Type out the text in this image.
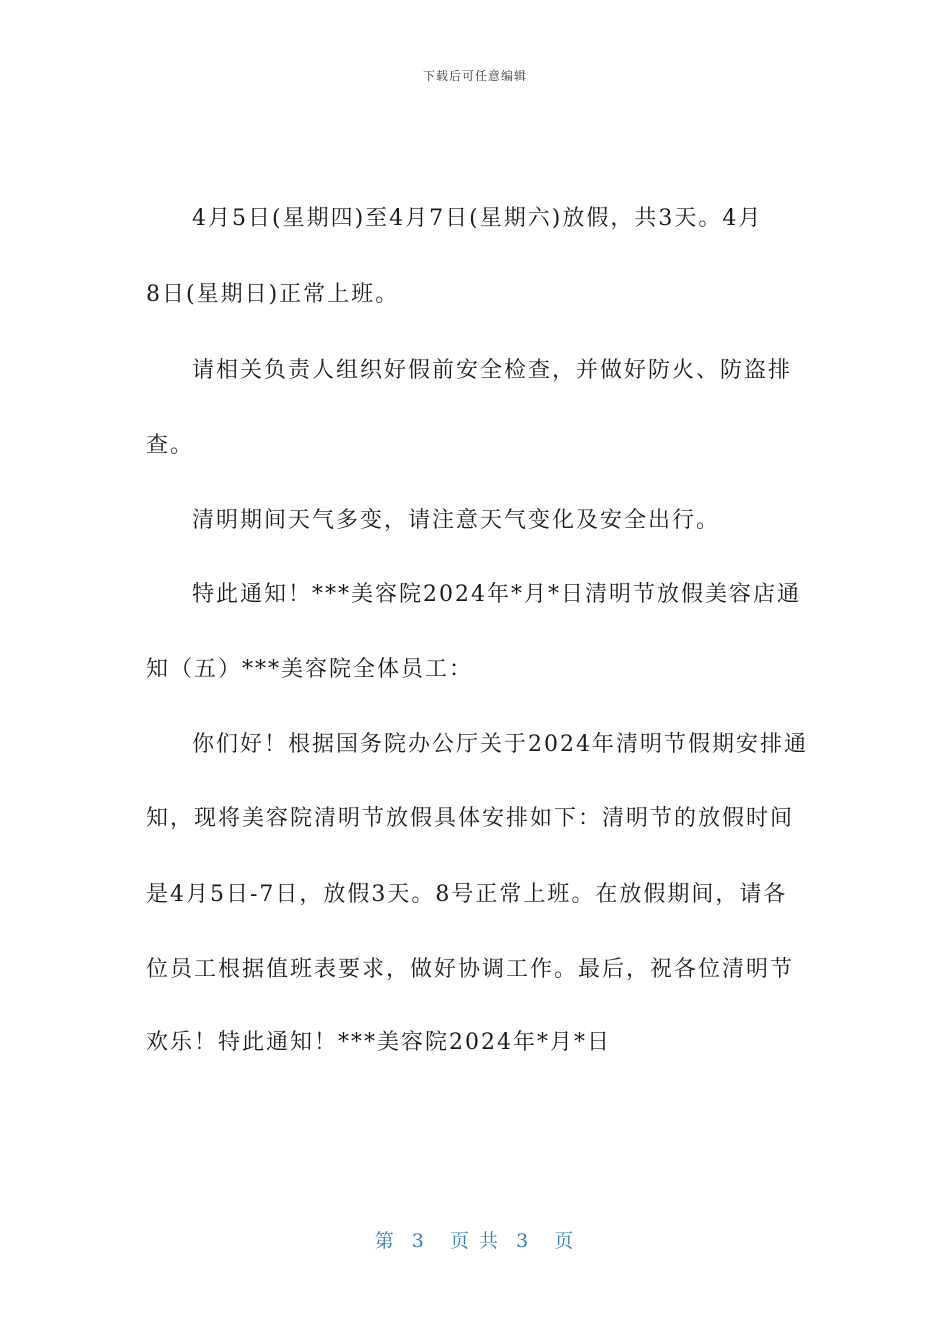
下载后可任意编辑
4月5日(星期四)至4月7日(星期六)放假，共3天。4月
8日(星期日)正常上班。
请相关负责人组织好假前安全检查，并做好防火、防盗排
查。
清明期间天气多变，请注意天气变化及安全出行。
特此通知！***美容院2024年*月*日清明节放假美容店通
知（五）***美容院全体员工：
你们好！根据国务院办公厅关于2024年清明节假期安排通
知，现将美容院清明节放假具体安排如下：清明节的放假时间
是4月5日-7日，放假3天。8号正常上班。在放假期间，请各
位员工根据值班表要求，做好协调工作。最后，祝各位清明节
欢乐！特此通知！***美容院2024年*月*日
第  3   页 共  3   页
